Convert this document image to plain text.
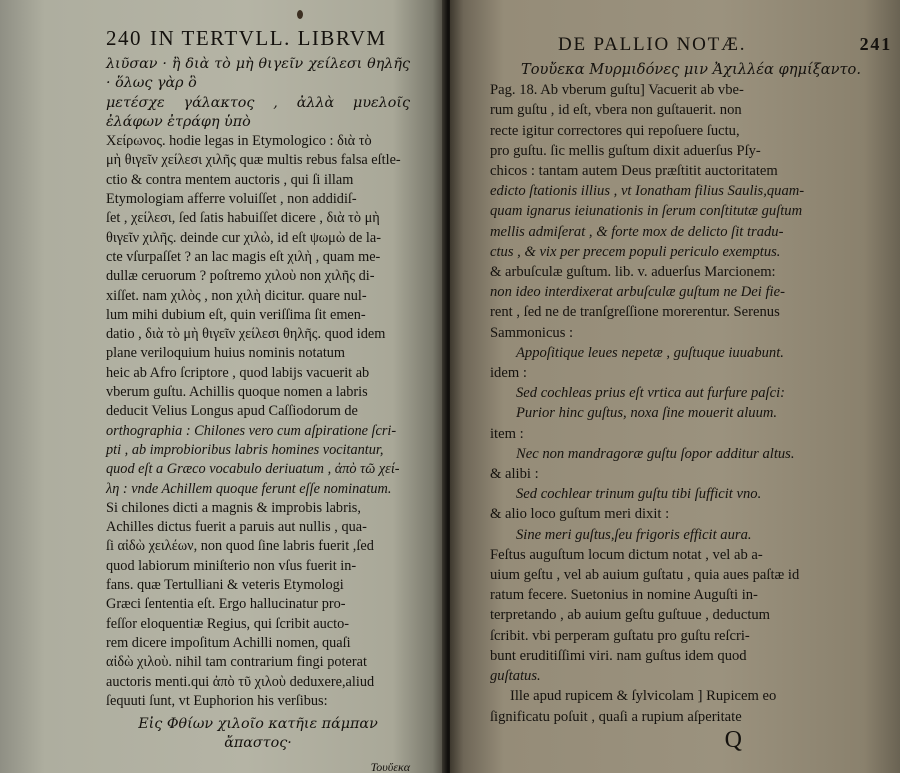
240 IN TERTVLL. LIBRVM

λιῦσαν · ἢ διὰ τὸ μὴ θιγεῖν χείλεσι θηλῆς · ὅλως γὰρ ὃ

μετέσχε γάλακτος , ἀλλὰ μυελοῖς ἐλάφων ἐτράφη ὑπὸ

Χείρωνος. hodie legas in Etymologico : διὰ τὸ

μὴ θιγεῖν χείλεσι χιλῆς quæ multis rebus falsa eſtle-

ctio & contra mentem auctoris , qui ſi illam

Etymologiam afferre voluiſſet , non addidiſ-

ſet , χείλεσι, ſed ſatis habuiſſet dicere , διὰ τὸ μὴ

θιγεῖν χιλῆς. deinde cur χιλὼ, id eſt ψωμὼ de la-

cte vſurpaſſet ? an lac magis eſt χιλὴ , quam me-

dullæ ceruorum ? poſtremo χιλοὺ non χιλῆς di-

xiſſet. nam χιλὸς , non χιλὴ dicitur. quare nul-

lum mihi dubium eſt, quin veriſſima ſit emen-

datio , διὰ τὸ μὴ θιγεῖν χείλεσι θηλῆς. quod idem

plane veriloquium huius nominis notatum

heic ab Afro ſcriptore , quod labijs vacuerit ab

vberum guſtu. Achillis quoque nomen a labris

deducit Velius Longus apud Caſſiodorum de

orthographia : Chilones vero cum aſpiratione ſcri-

pti , ab improbioribus labris homines vocitantur,

quod eſt a Græco vocabulo deriuatum , ἀπὸ τῶ χεί-

λη : vnde Achillem quoque ferunt eſſe nominatum.

Si chilones dicti a magnis & improbis labris,

Achilles dictus fuerit a paruis aut nullis , qua-

ſi αἰδὼ χειλέων, non quod ſine labris fuerit ,ſed

quod labiorum miniſterio non vſus fuerit in-

fans. quæ Tertulliani & veteris Etymologi

Græci ſententia eſt. Ergo hallucinatur pro-

feſſor eloquentiæ Regius, qui ſcribit aucto-

rem dicere impoſitum Achilli nomen, quaſi

αἰδὼ χιλοὺ. nihil tam contrarium fingi poterat

auctoris menti.qui ἀπὸ τῦ χιλοὺ deduxere,aliud

ſequuti ſunt, vt Euphorion his verſibus:

Εἰς Φθίων χιλοῖο κατῆιε πάμπαν ἄπαστος·

Τουὔεκα
DE PALLIO NOTÆ.	241

Τουὔεκα Μυρμιδόνες μιν Ἀχιλλέα φημίξαντο.

Pag. 18. Ab vberum guſtu] Vacuerit ab vbe-

rum guſtu , id eſt, vbera non guſtauerit. non

recte igitur correctores qui repoſuere ſuctu,

pro guſtu. ſic mellis guſtum dixit aduerſus Pſy-

chicos : tantam autem Deus præſtitit auctoritatem

edicto ſtationis illius , vt Ionatham filius Saulis,quam-

quam ignarus ieiunationis in ſerum conſtitutæ guſtum

mellis admiſerat , & forte mox de delicto ſit tradu-

ctus , & vix per precem populi periculo exemptus.

& arbuſculæ guſtum. lib. v. aduerſus Marcionem:

non ideo interdixerat arbuſculæ guſtum ne Dei fie-

rent , ſed ne de tranſgreſſione morerentur. Serenus

Sammonicus :

Appoſitique leues nepetæ , guſtuque iuuabunt.

idem :

Sed cochleas prius eſt vrtica aut furfure paſci:

Purior hinc guſtus, noxa ſine mouerit aluum.

item :

Nec non mandragoræ guſtu ſopor additur altus.

& alibi :

Sed cochlear trinum guſtu tibi ſufficit vno.

& alio loco guſtum meri dixit :

Sine meri guſtus,ſeu frigoris efficit aura.

Feſtus auguſtum locum dictum notat , vel ab a-

uium geſtu , vel ab auium guſtatu , quia aues paſtæ id

ratum fecere. Suetonius in nomine Auguſti in-

terpretando , ab auium geſtu guſtuue , deductum

ſcribit. vbi perperam guſtatu pro guſtu reſcri-

bunt eruditiſſimi viri. nam guſtus idem quod

guſtatus.

Ille apud rupicem & ſylvicolam ] Rupicem eo

ſignificatu poſuit , quaſi a rupium aſperitate

Q
